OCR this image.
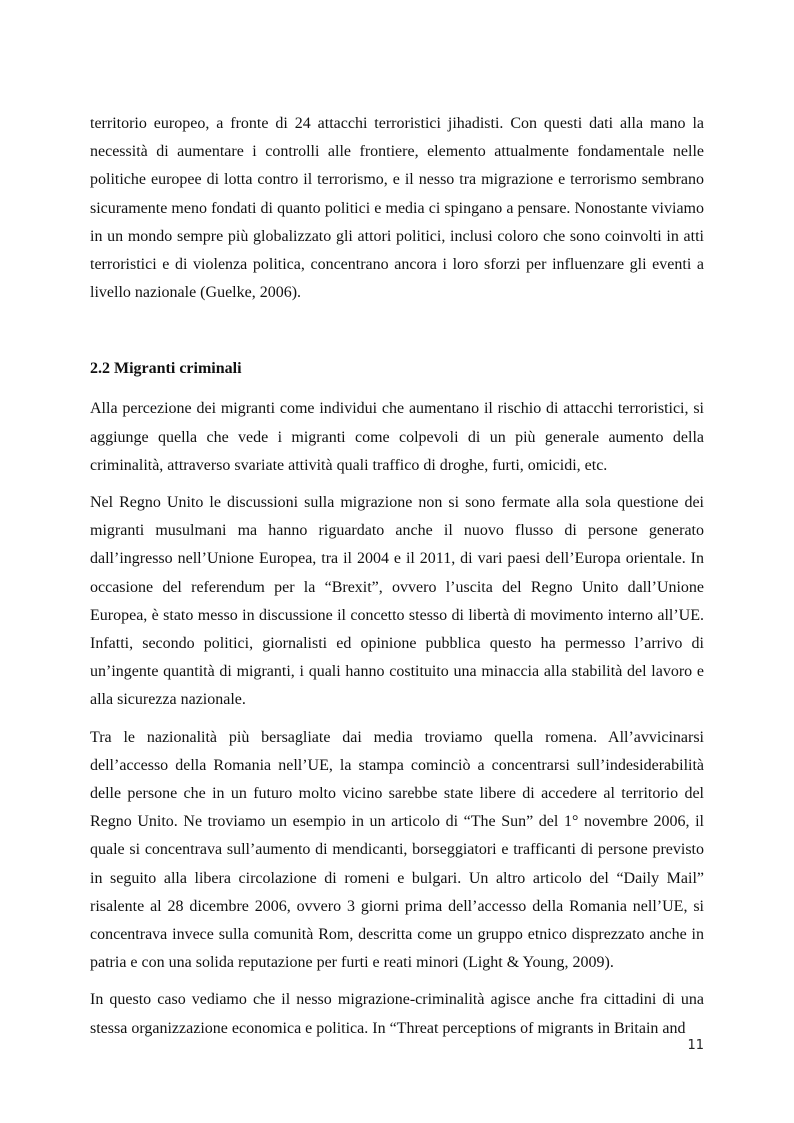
territorio europeo, a fronte di 24 attacchi terroristici jihadisti. Con questi dati alla mano la necessità di aumentare i controlli alle frontiere, elemento attualmente fondamentale nelle politiche europee di lotta contro il terrorismo, e il nesso tra migrazione e terrorismo sembrano sicuramente meno fondati di quanto politici e media ci spingano a pensare. Nonostante viviamo in un mondo sempre più globalizzato gli attori politici, inclusi coloro che sono coinvolti in atti terroristici e di violenza politica, concentrano ancora i loro sforzi per influenzare gli eventi a livello nazionale (Guelke, 2006).

2.2 Migranti criminali

Alla percezione dei migranti come individui che aumentano il rischio di attacchi terroristici, si aggiunge quella che vede i migranti come colpevoli di un più generale aumento della criminalità, attraverso svariate attività quali traffico di droghe, furti, omicidi, etc.

Nel Regno Unito le discussioni sulla migrazione non si sono fermate alla sola questione dei migranti musulmani ma hanno riguardato anche il nuovo flusso di persone generato dall’ingresso nell’Unione Europea, tra il 2004 e il 2011, di vari paesi dell’Europa orientale. In occasione del referendum per la “Brexit”, ovvero l’uscita del Regno Unito dall’Unione Europea, è stato messo in discussione il concetto stesso di libertà di movimento interno all’UE. Infatti, secondo politici, giornalisti ed opinione pubblica questo ha permesso l’arrivo di un’ingente quantità di migranti, i quali hanno costituito una minaccia alla stabilità del lavoro e alla sicurezza nazionale.

Tra le nazionalità più bersagliate dai media troviamo quella romena. All’avvicinarsi dell’accesso della Romania nell’UE, la stampa cominciò a concentrarsi sull’indesiderabilità delle persone che in un futuro molto vicino sarebbe state libere di accedere al territorio del Regno Unito. Ne troviamo un esempio in un articolo di “The Sun” del 1° novembre 2006, il quale si concentrava sull’aumento di mendicanti, borseggiatori e trafficanti di persone previsto in seguito alla libera circolazione di romeni e bulgari. Un altro articolo del “Daily Mail” risalente al 28 dicembre 2006, ovvero 3 giorni prima dell’accesso della Romania nell’UE, si concentrava invece sulla comunità Rom, descritta come un gruppo etnico disprezzato anche in patria e con una solida reputazione per furti e reati minori (Light & Young, 2009).

In questo caso vediamo che il nesso migrazione-criminalità agisce anche fra cittadini di una stessa organizzazione economica e politica. In “Threat perceptions of migrants in Britain and

11
